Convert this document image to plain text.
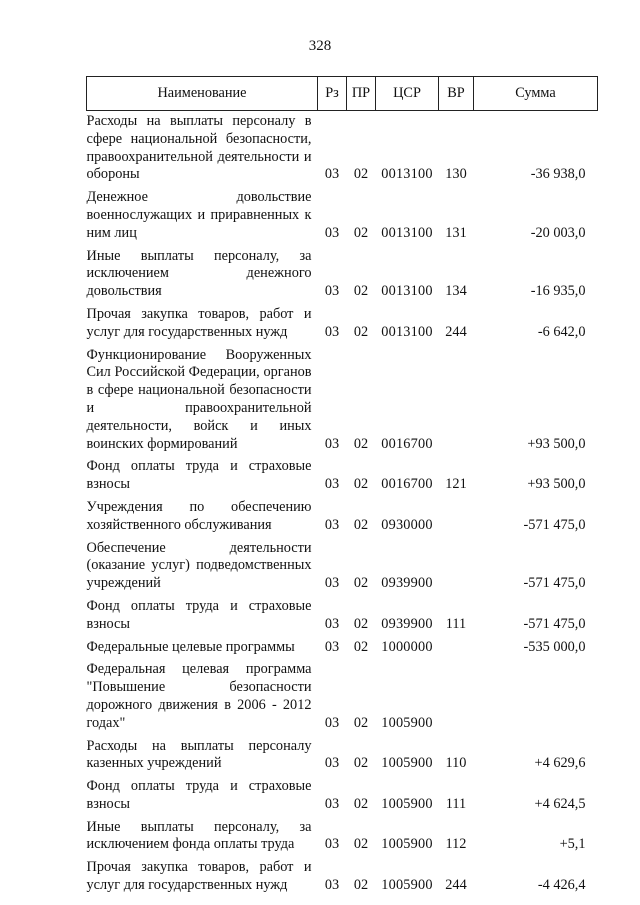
328
Наименование	Рз	ПР	ЦСР	ВР	Сумма
Расходы на выплаты персоналу в сфере национальной безопасности, правоохранительной деятельности и обороны	03	02	0013100	130	-36 938,0
Денежное довольствие военнослужащих и приравненных к ним лиц	03	02	0013100	131	-20 003,0
Иные выплаты персоналу, за исключением денежного довольствия	03	02	0013100	134	-16 935,0
Прочая закупка товаров, работ и услуг для государственных нужд	03	02	0013100	244	-6 642,0
Функционирование Вооруженных Сил Российской Федерации, органов в сфере национальной безопасности и правоохранительной деятельности, войск и иных воинских формирований	03	02	0016700		+93 500,0
Фонд оплаты труда и страховые взносы	03	02	0016700	121	+93 500,0
Учреждения по обеспечению хозяйственного обслуживания	03	02	0930000		-571 475,0
Обеспечение деятельности (оказание услуг) подведомственных учреждений	03	02	0939900		-571 475,0
Фонд оплаты труда и страховые взносы	03	02	0939900	111	-571 475,0
Федеральные целевые программы	03	02	1000000		-535 000,0
Федеральная целевая программа "Повышение безопасности дорожного движения в 2006 - 2012 годах"	03	02	1005900		
Расходы на выплаты персоналу казенных учреждений	03	02	1005900	110	+4 629,6
Фонд оплаты труда и страховые взносы	03	02	1005900	111	+4 624,5
Иные выплаты персоналу, за исключением фонда оплаты труда	03	02	1005900	112	+5,1
Прочая закупка товаров, работ и услуг для государственных нужд	03	02	1005900	244	-4 426,4
